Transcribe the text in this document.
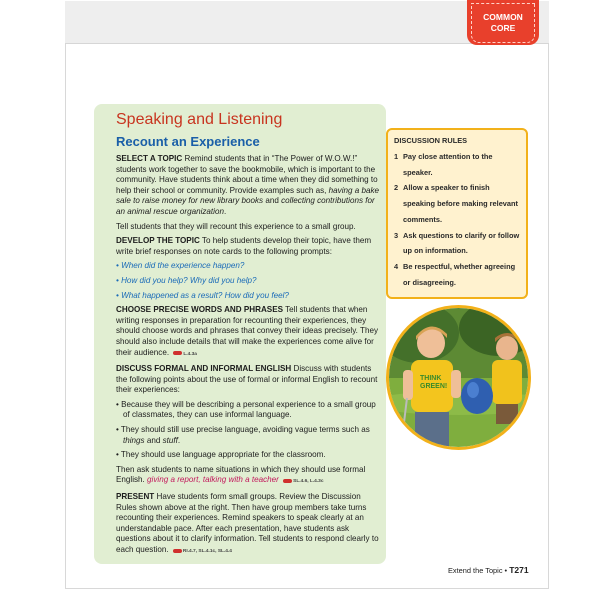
COMMON
CORE
Speaking and Listening
Recount an Experience

SELECT A TOPIC Remind students that in “The Power of W.O.W.!” students work together to save the bookmobile, which is important to the community. Have students think about a time when they did something to help their school or community. Provide examples such as, having a bake sale to raise money for new library books and collecting contributions for an animal rescue organization.

Tell students that they will recount this experience to a small group.

DEVELOP THE TOPIC To help students develop their topic, have them write brief responses on note cards to the following prompts:

• When did the experience happen?

• How did you help? Why did you help?

• What happened as a result? How did you feel?

CHOOSE PRECISE WORDS AND PHRASES Tell students that when writing responses in preparation for recounting their experiences, they should choose words and phrases that convey their ideas precisely. They should also include details that will make the experiences come alive for their audience.	L.4.3a

DISCUSS FORMAL AND INFORMAL ENGLISH Discuss with students the following points about the use of formal or informal English to recount their experiences:

• Because they will be describing a personal experience to a small group of classmates, they can use informal language.

• They should still use precise language, avoiding vague terms such as things and stuff.

• They should use language appropriate for the classroom.

Then ask students to name situations in which they should use formal English. giving a report, talking with a teacher	SL.4.6, L.4.3c

PRESENT Have students form small groups. Review the Discussion Rules shown above at the right. Then have group members take turns recounting their experiences. Remind speakers to speak clearly at an understandable pace. After each presentation, have students ask questions about it to clarify information. Tell students to respond clearly to each question.	RI.4.7, SL.4.1c, SL.4.4

DISCUSSION RULES
1 Pay close attention to the speaker.
2 Allow a speaker to finish speaking before making relevant comments.
3 Ask questions to clarify or follow up on information.
4 Be respectful, whether agreeing or disagreeing.
THINK
GREEN!
Extend the Topic • T271
